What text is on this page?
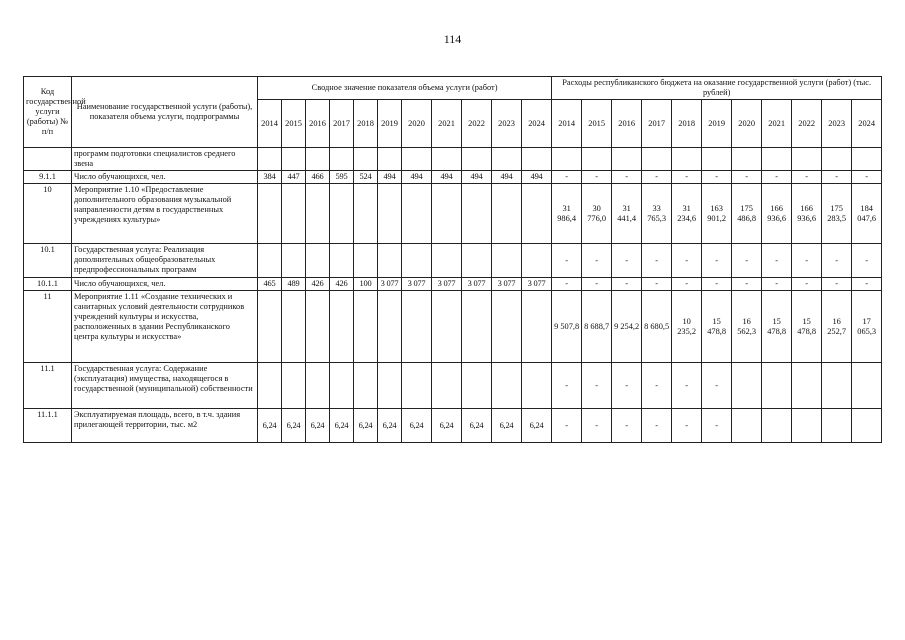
114
Код государственной услуги (работы) № п/п	Наименование государственной услуги (работы), показателя объема услуги, подпрограммы	Сводное значение показателя объема услуги (работ)											Расходы республиканского бюджета на оказание государственной услуги (работ) (тыс. рублей)										
		2014	2015	2016	2017	2018	2019	2020	2021	2022	2023	2024	2014	2015	2016	2017	2018	2019	2020	2021	2022	2023	2024
	программ подготовки специалистов среднего звена																						
9.1.1	Число обучающихся, чел.	384	447	466	595	524	494	494	494	494	494	494	-	-	-	-	-	-	-	-	-	-	-
10	Мероприятие 1.10 «Предоставление дополнительного образования музыкальной направленности детям в государственных учреждениях культуры»												31 986,4	30 776,0	31 441,4	33 765,3	31 234,6	163 901,2	175 486,8	166 936,6	166 936,6	175 283,5	184 047,6
10.1	Государственная услуга: Реализация дополнительных общеобразовательных предпрофессиональных программ												-	-	-	-	-	-	-	-	-	-	-
10.1.1	Число обучающихся, чел.	465	489	426	426	100	3 077	3 077	3 077	3 077	3 077	3 077	-	-	-	-	-	-	-	-	-	-	-
11	Мероприятие 1.11 «Создание технических и санитарных условий деятельности сотрудников учреждений культуры и искусства, расположенных в здании Республиканского центра культуры и искусства»												9 507,8	8 688,7	9 254,2	8 680,5	10 235,2	15 478,8	16 562,3	15 478,8	15 478,8	16 252,7	17 065,3
11.1	Государственная услуга: Содержание (эксплуатация) имущества, находящегося в государственной (муниципальной) собственности												-	-	-	-	-	-					
11.1.1	Эксплуатируемая площадь, всего, в т.ч. здания прилегающей территории, тыс. м2	6,24	6,24	6,24	6,24	6,24	6,24	6,24	6,24	6,24	6,24	6,24	-	-	-	-	-	-					
